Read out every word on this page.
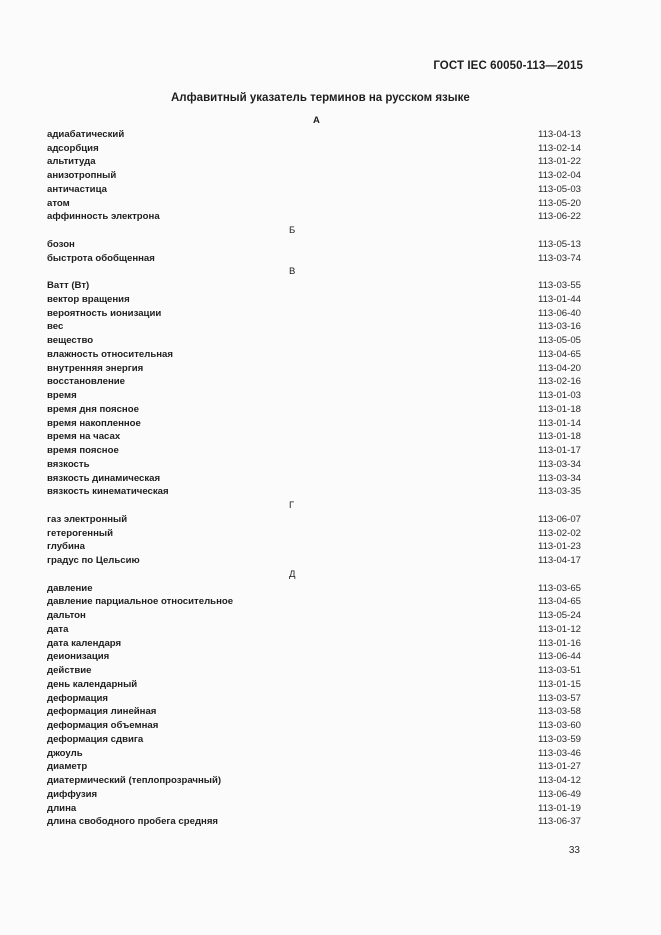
ГОСТ IEC 60050-113—2015
Алфавитный указатель терминов на русском языке
А
адиабатический	113-04-13
адсорбция	113-02-14
альтитуда	113-01-22
анизотропный	113-02-04
античастица	113-05-03
атом	113-05-20
аффинность электрона	113-06-22
Б
бозон	113-05-13
быстрота обобщенная	113-03-74
В
Ватт (Вт)	113-03-55
вектор вращения	113-01-44
вероятность ионизации	113-06-40
вес	113-03-16
вещество	113-05-05
влажность относительная	113-04-65
внутренняя энергия	113-04-20
восстановление	113-02-16
время	113-01-03
время дня поясное	113-01-18
время накопленное	113-01-14
время на часах	113-01-18
время поясное	113-01-17
вязкость	113-03-34
вязкость динамическая	113-03-34
вязкость кинематическая	113-03-35
Г
газ электронный	113-06-07
гетерогенный	113-02-02
глубина	113-01-23
градус по Цельсию	113-04-17
Д
давление	113-03-65
давление парциальное относительное	113-04-65
дальтон	113-05-24
дата	113-01-12
дата календаря	113-01-16
деионизация	113-06-44
действие	113-03-51
день календарный	113-01-15
деформация	113-03-57
деформация линейная	113-03-58
деформация объемная	113-03-60
деформация сдвига	113-03-59
джоуль	113-03-46
диаметр	113-01-27
диатермический (теплопрозрачный)	113-04-12
диффузия	113-06-49
длина	113-01-19
длина свободного пробега средняя	113-06-37
33
